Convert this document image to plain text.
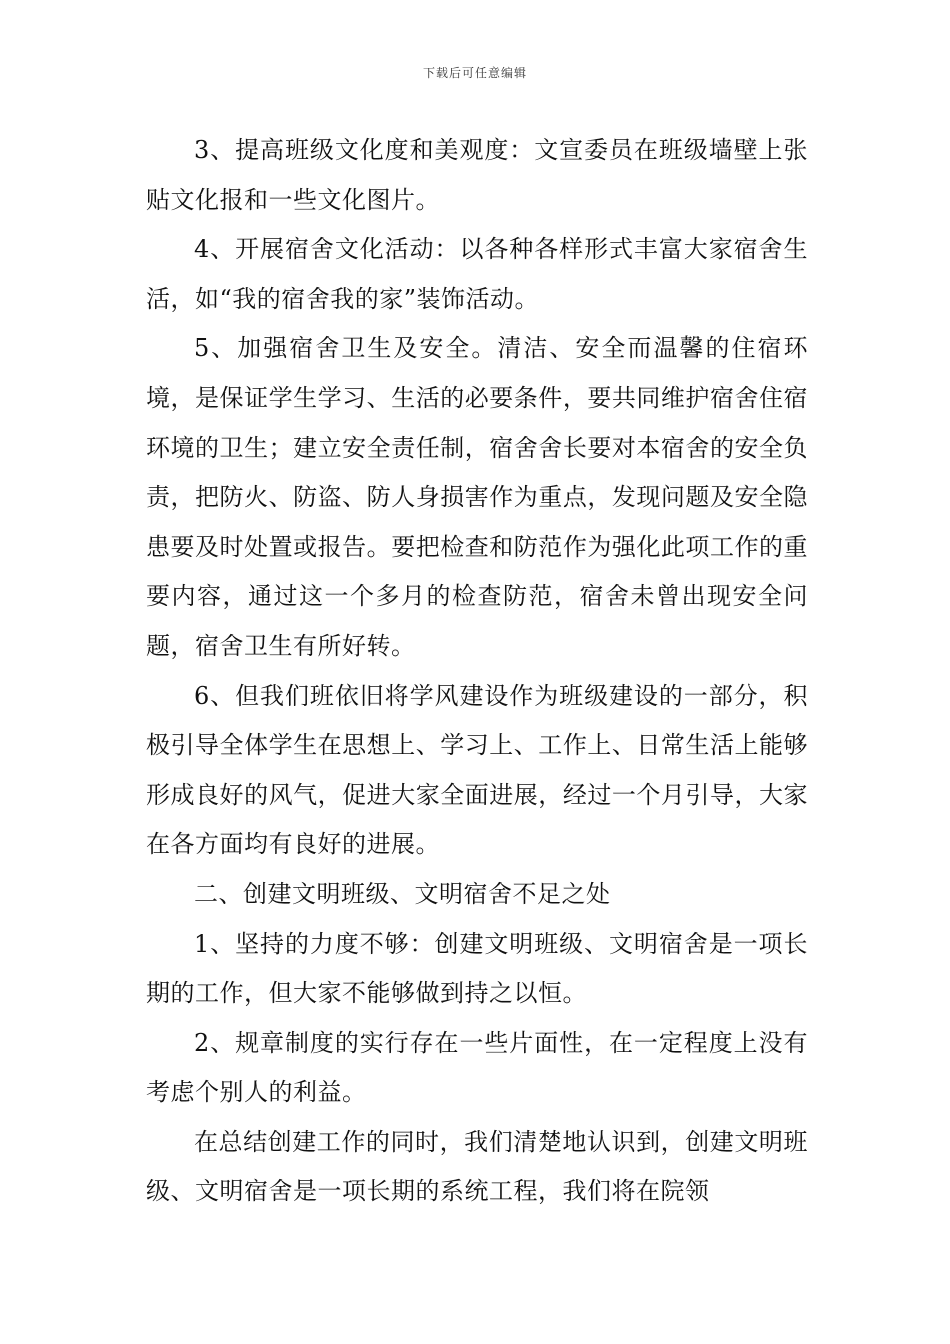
下载后可任意编辑

3、提高班级文化度和美观度：文宣委员在班级墙壁上张贴文化报和一些文化图片。

4、开展宿舍文化活动：以各种各样形式丰富大家宿舍生活，如“我的宿舍我的家”装饰活动。

5、加强宿舍卫生及安全。清洁、安全而温馨的住宿环境，是保证学生学习、生活的必要条件，要共同维护宿舍住宿环境的卫生；建立安全责任制，宿舍舍长要对本宿舍的安全负责，把防火、防盗、防人身损害作为重点，发现问题及安全隐患要及时处置或报告。要把检查和防范作为强化此项工作的重要内容，通过这一个多月的检查防范，宿舍未曾出现安全问题，宿舍卫生有所好转。

6、但我们班依旧将学风建设作为班级建设的一部分，积极引导全体学生在思想上、学习上、工作上、日常生活上能够形成良好的风气，促进大家全面进展，经过一个月引导，大家在各方面均有良好的进展。

二、创建文明班级、文明宿舍不足之处

1、坚持的力度不够：创建文明班级、文明宿舍是一项长期的工作，但大家不能够做到持之以恒。

2、规章制度的实行存在一些片面性，在一定程度上没有考虑个别人的利益。

在总结创建工作的同时，我们清楚地认识到，创建文明班级、文明宿舍是一项长期的系统工程，我们将在院领
